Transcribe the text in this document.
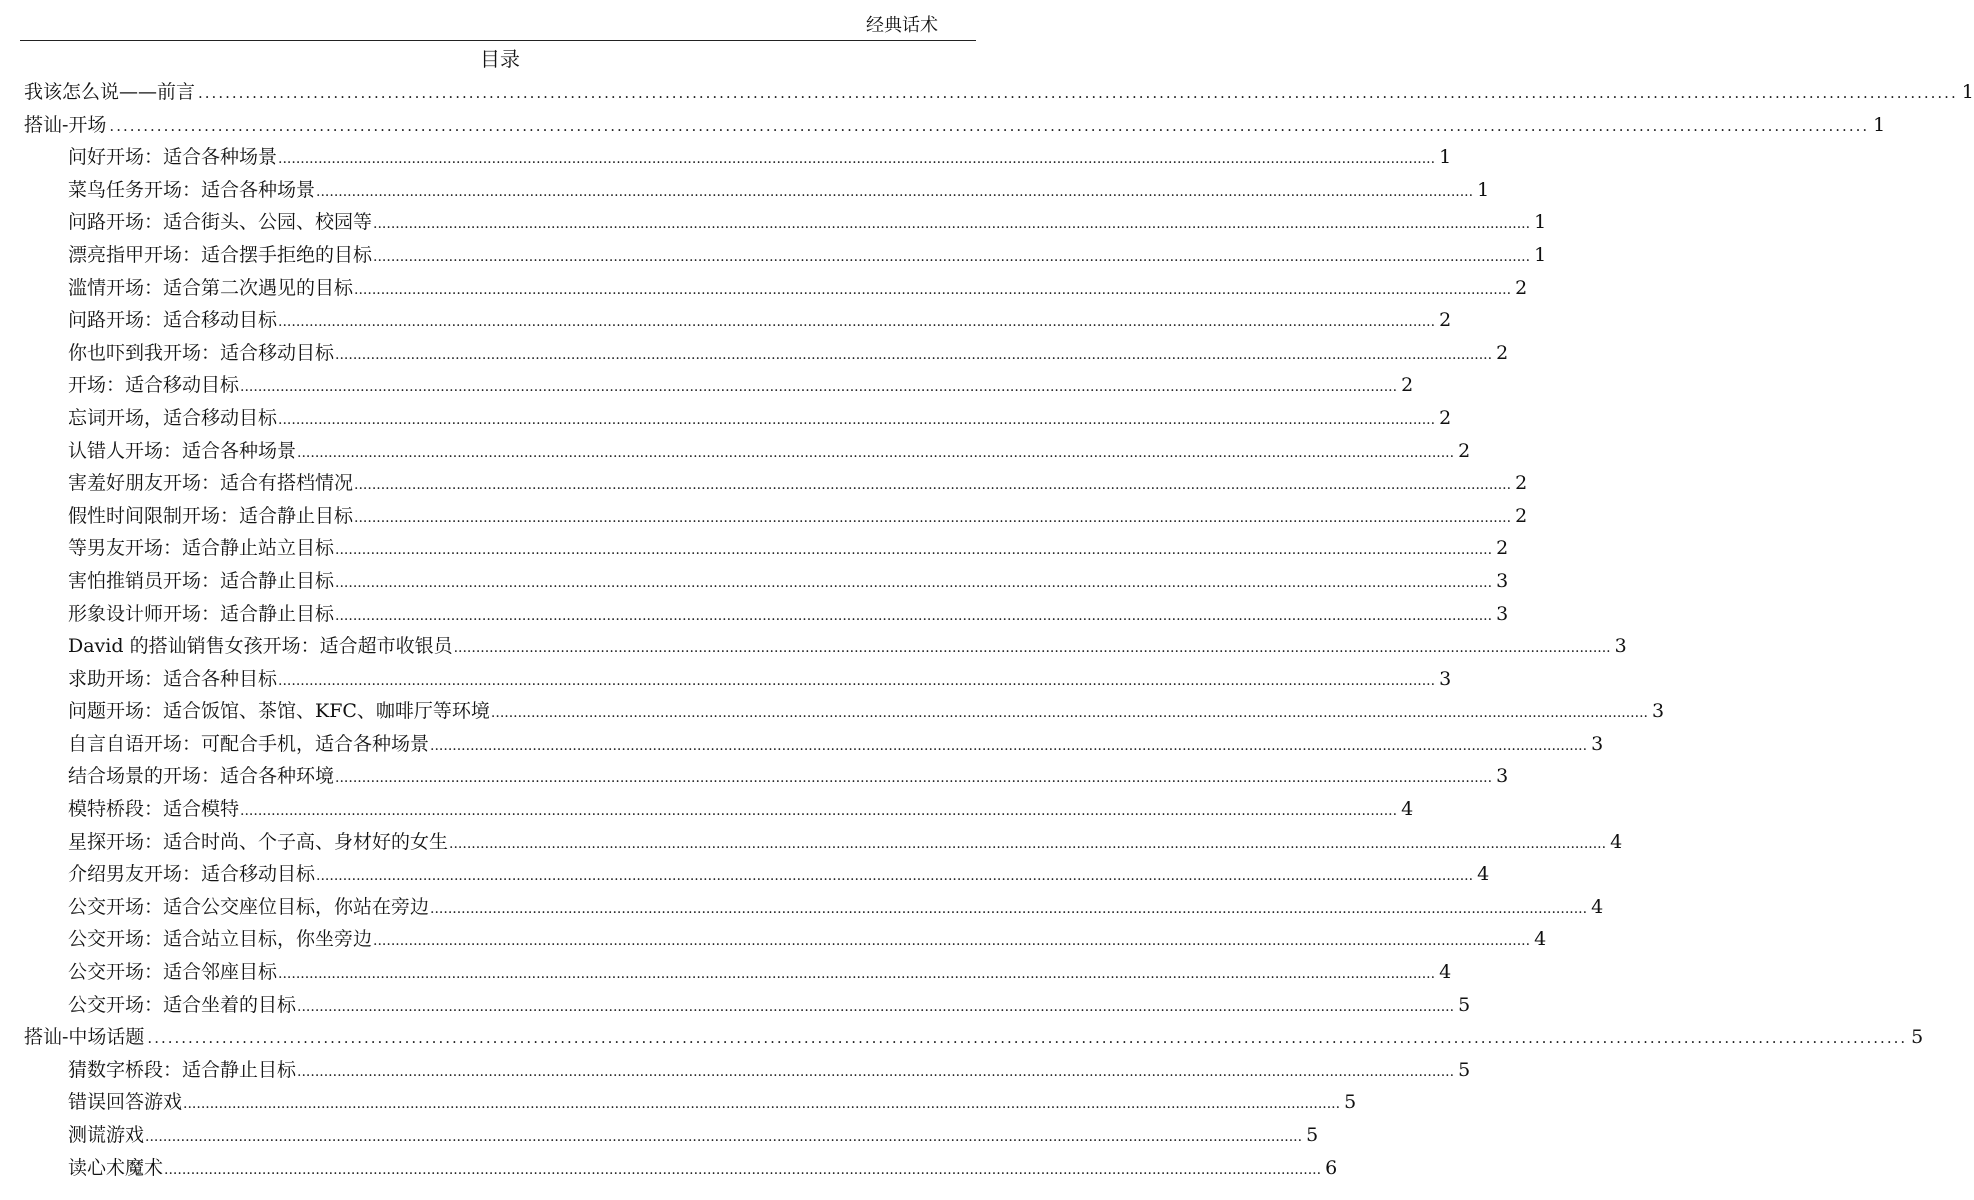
经典话术
目录
我该怎么说——前言 .................................................................................................................................................................................................................................................................... 1
搭讪-开场 .................................................................................................................................................................................................................................................................... 1
问好开场：适合各种场景 .................................................................................................................................................................................................................................................................... 1
菜鸟任务开场：适合各种场景 .................................................................................................................................................................................................................................................................... 1
问路开场：适合街头、公园、校园等 .................................................................................................................................................................................................................................................................... 1
漂亮指甲开场：适合摆手拒绝的目标 .................................................................................................................................................................................................................................................................... 1
滥情开场：适合第二次遇见的目标 .................................................................................................................................................................................................................................................................... 2
问路开场：适合移动目标 .................................................................................................................................................................................................................................................................... 2
你也吓到我开场：适合移动目标 .................................................................................................................................................................................................................................................................... 2
开场：适合移动目标 .................................................................................................................................................................................................................................................................... 2
忘词开场，适合移动目标 .................................................................................................................................................................................................................................................................... 2
认错人开场：适合各种场景 .................................................................................................................................................................................................................................................................... 2
害羞好朋友开场：适合有搭档情况 .................................................................................................................................................................................................................................................................... 2
假性时间限制开场：适合静止目标 .................................................................................................................................................................................................................................................................... 2
等男友开场：适合静止站立目标 .................................................................................................................................................................................................................................................................... 2
害怕推销员开场：适合静止目标 .................................................................................................................................................................................................................................................................... 3
形象设计师开场：适合静止目标 .................................................................................................................................................................................................................................................................... 3
David 的搭讪销售女孩开场：适合超市收银员 .................................................................................................................................................................................................................................................................... 3
求助开场：适合各种目标 .................................................................................................................................................................................................................................................................... 3
问题开场：适合饭馆、茶馆、KFC、咖啡厅等环境 .................................................................................................................................................................................................................................................................... 3
自言自语开场：可配合手机，适合各种场景 .................................................................................................................................................................................................................................................................... 3
结合场景的开场：适合各种环境 .................................................................................................................................................................................................................................................................... 3
模特桥段：适合模特 .................................................................................................................................................................................................................................................................... 4
星探开场：适合时尚、个子高、身材好的女生 .................................................................................................................................................................................................................................................................... 4
介绍男友开场：适合移动目标 .................................................................................................................................................................................................................................................................... 4
公交开场：适合公交座位目标，你站在旁边 .................................................................................................................................................................................................................................................................... 4
公交开场：适合站立目标，你坐旁边 .................................................................................................................................................................................................................................................................... 4
公交开场：适合邻座目标 .................................................................................................................................................................................................................................................................... 4
公交开场：适合坐着的目标 .................................................................................................................................................................................................................................................................... 5
搭讪-中场话题 .................................................................................................................................................................................................................................................................... 5
猜数字桥段：适合静止目标 .................................................................................................................................................................................................................................................................... 5
错误回答游戏 .................................................................................................................................................................................................................................................................... 5
测谎游戏 .................................................................................................................................................................................................................................................................... 5
读心术魔术 .................................................................................................................................................................................................................................................................... 6
